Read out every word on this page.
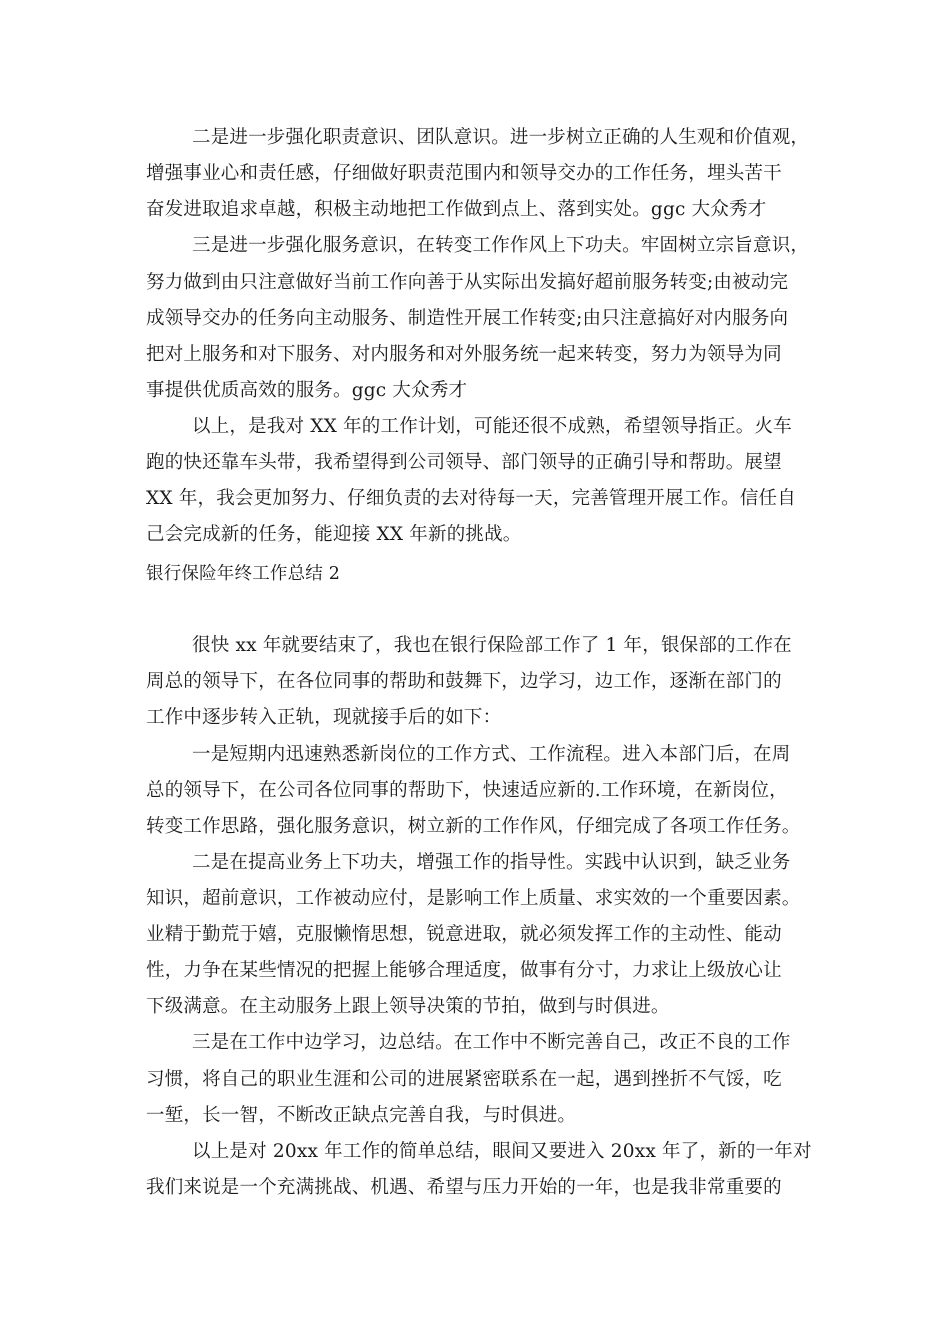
二是进一步强化职责意识、团队意识。进一步树立正确的人生观和价值观，
增强事业心和责任感，仔细做好职责范围内和领导交办的工作任务，埋头苦干
奋发进取追求卓越，积极主动地把工作做到点上、落到实处。ggc 大众秀才
三是进一步强化服务意识，在转变工作作风上下功夫。牢固树立宗旨意识，
努力做到由只注意做好当前工作向善于从实际出发搞好超前服务转变;由被动完
成领导交办的任务向主动服务、制造性开展工作转变;由只注意搞好对内服务向
把对上服务和对下服务、对内服务和对外服务统一起来转变，努力为领导为同
事提供优质高效的服务。ggc 大众秀才
以上，是我对 XX 年的工作计划，可能还很不成熟，希望领导指正。火车
跑的快还靠车头带，我希望得到公司领导、部门领导的正确引导和帮助。展望
XX 年，我会更加努力、仔细负责的去对待每一天，完善管理开展工作。信任自
己会完成新的任务，能迎接 XX 年新的挑战。
银行保险年终工作总结 2
很快 xx 年就要结束了，我也在银行保险部工作了 1 年，银保部的工作在
周总的领导下，在各位同事的帮助和鼓舞下，边学习，边工作，逐渐在部门的
工作中逐步转入正轨，现就接手后的如下：
一是短期内迅速熟悉新岗位的工作方式、工作流程。进入本部门后，在周
总的领导下，在公司各位同事的帮助下，快速适应新的.工作环境，在新岗位，
转变工作思路，强化服务意识，树立新的工作作风，仔细完成了各项工作任务。
二是在提高业务上下功夫，增强工作的指导性。实践中认识到，缺乏业务
知识，超前意识，工作被动应付，是影响工作上质量、求实效的一个重要因素。
业精于勤荒于嬉，克服懒惰思想，锐意进取，就必须发挥工作的主动性、能动
性，力争在某些情况的把握上能够合理适度，做事有分寸，力求让上级放心让
下级满意。在主动服务上跟上领导决策的节拍，做到与时俱进。
三是在工作中边学习，边总结。在工作中不断完善自己，改正不良的工作
习惯，将自己的职业生涯和公司的进展紧密联系在一起，遇到挫折不气馁，吃
一堑，长一智，不断改正缺点完善自我，与时俱进。
以上是对 20xx 年工作的简单总结，眼间又要进入 20xx 年了，新的一年对
我们来说是一个充满挑战、机遇、希望与压力开始的一年，也是我非常重要的
